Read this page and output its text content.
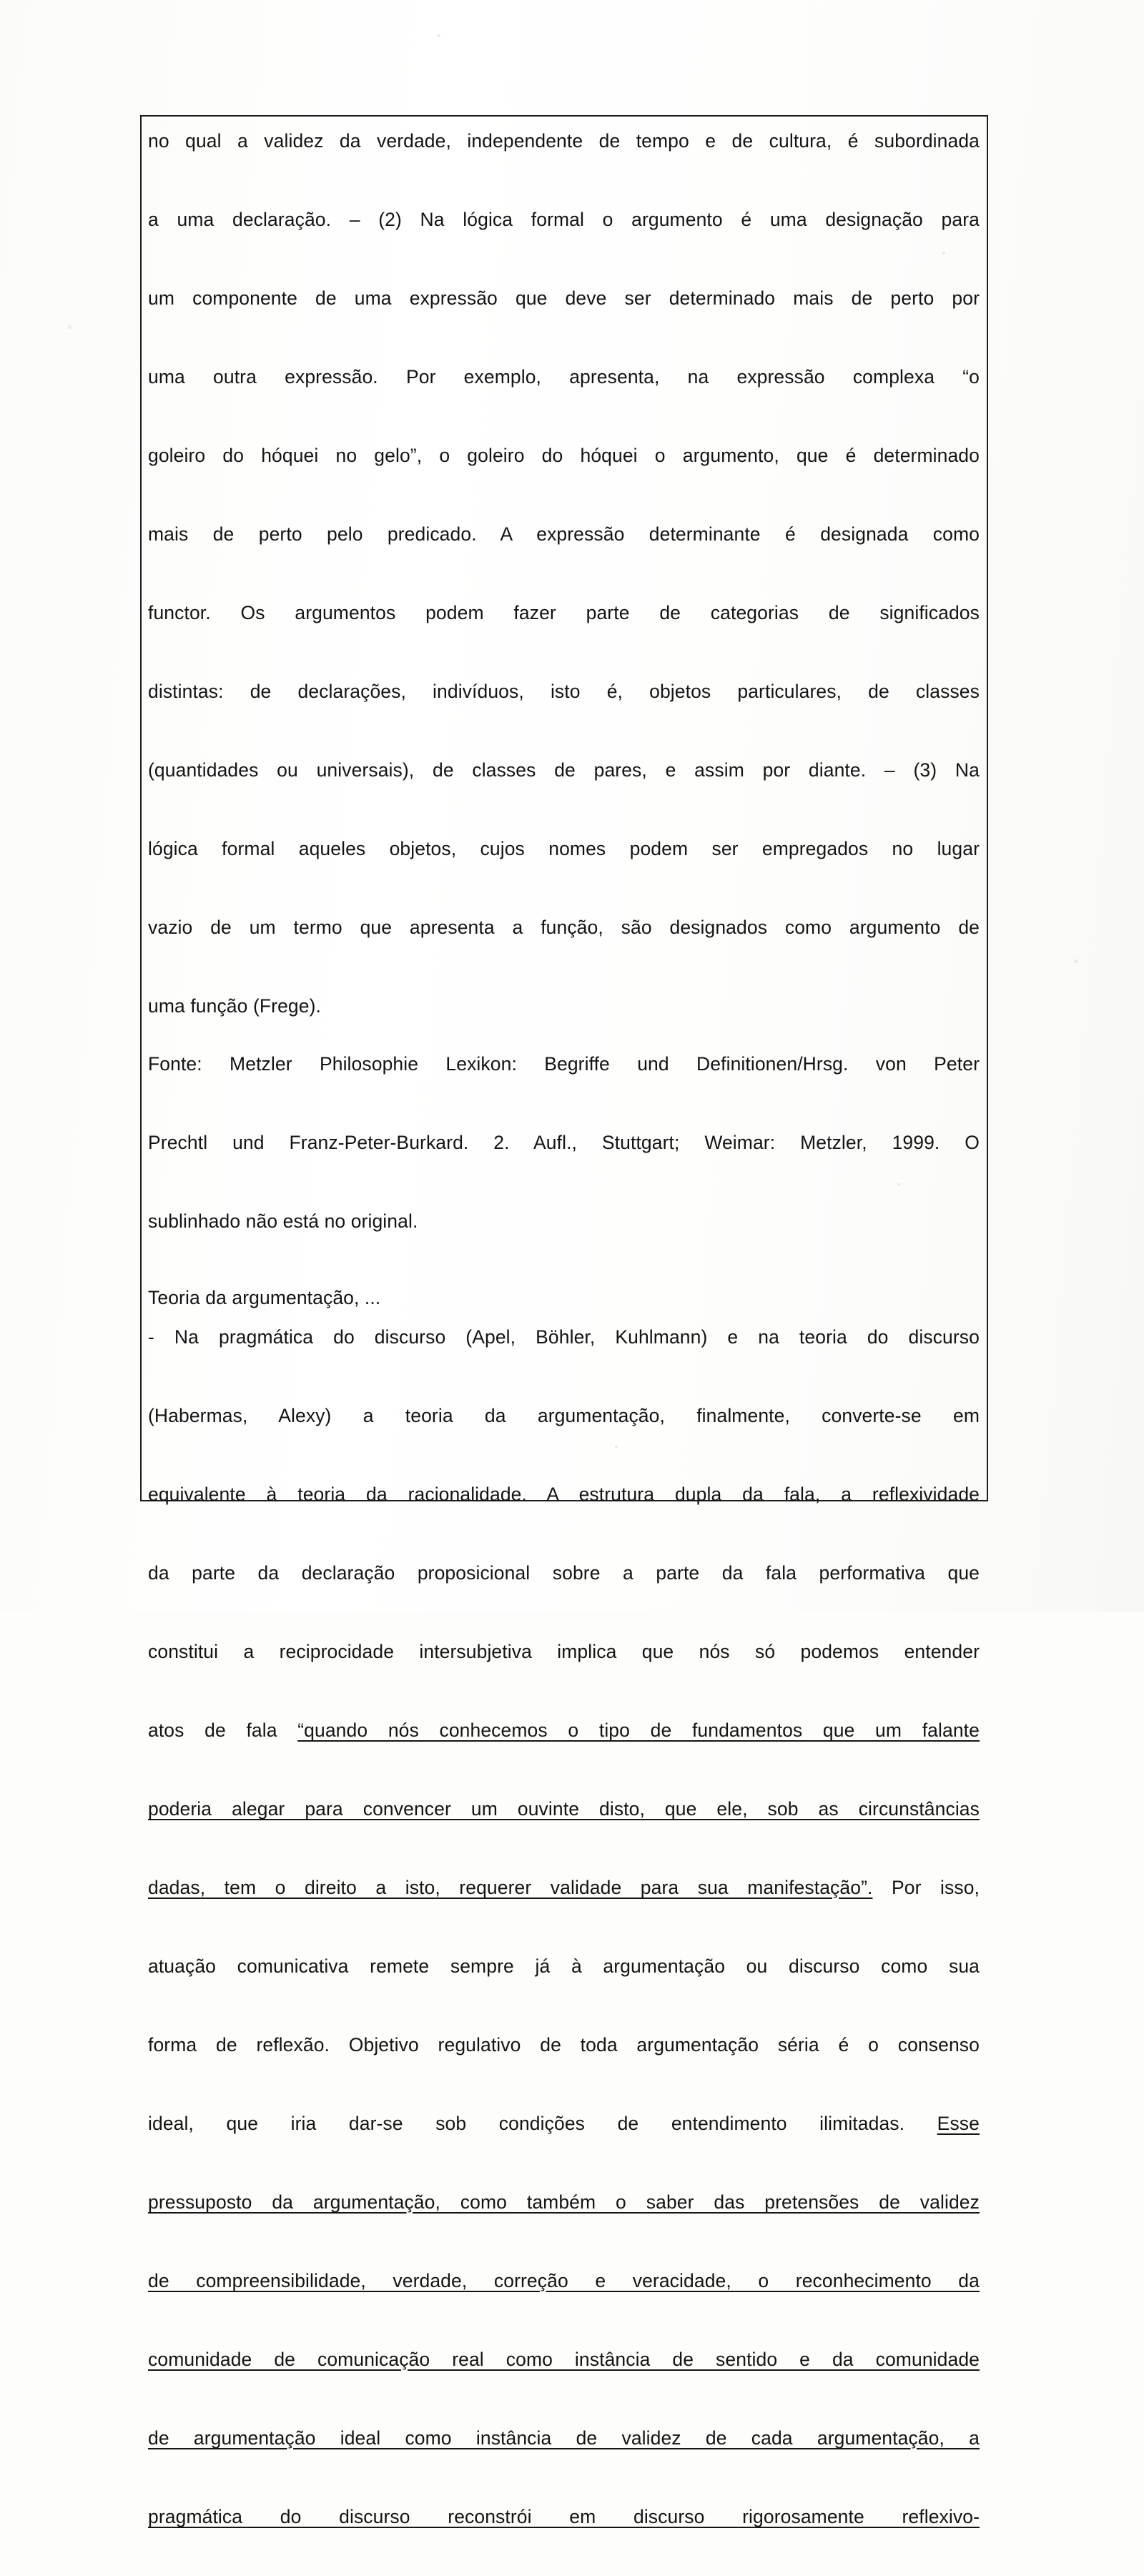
no qual a validez da verdade, independente de tempo e de cultura, é subordinada

a uma declaração. – (2) Na lógica formal o argumento é uma designação para

um componente de uma expressão que deve ser determinado mais de perto por

uma outra expressão. Por exemplo, apresenta, na expressão complexa “o

goleiro do hóquei no gelo”, o goleiro do hóquei o argumento, que é determinado

mais de perto pelo predicado. A expressão determinante é designada como

functor. Os argumentos podem fazer parte de categorias de significados

distintas: de declarações, indivíduos, isto é, objetos particulares, de classes

(quantidades ou universais), de classes de pares, e assim por diante. – (3) Na

lógica formal aqueles objetos, cujos nomes podem ser empregados no lugar

vazio de um termo que apresenta a função, são designados como argumento de

uma função (Frege).

Fonte: Metzler Philosophie Lexikon: Begriffe und Definitionen/Hrsg. von Peter

Prechtl und Franz-Peter-Burkard. 2. Aufl., Stuttgart; Weimar: Metzler, 1999. O

sublinhado não está no original.

Teoria da argumentação, ...

- Na pragmática do discurso (Apel, Böhler, Kuhlmann) e na teoria do discurso

(Habermas, Alexy) a teoria da argumentação, finalmente, converte-se em

equivalente à teoria da racionalidade. A estrutura dupla da fala, a reflexividade

da parte da declaração proposicional sobre a parte da fala performativa que

constitui a reciprocidade intersubjetiva implica que nós só podemos entender

atos de fala “quando nós conhecemos o tipo de fundamentos que um falante

poderia alegar para convencer um ouvinte disto, que ele, sob as circunstâncias

dadas, tem o direito a isto, requerer validade para sua manifestação”. Por isso,

atuação comunicativa remete sempre já à argumentação ou discurso como sua

forma de reflexão. Objetivo regulativo de toda argumentação séria é o consenso

ideal, que iria dar-se sob condições de entendimento ilimitadas. Esse

pressuposto da argumentação, como também o saber das pretensões de validez

de compreensibilidade, verdade, correção e veracidade, o reconhecimento da

comunidade de comunicação real como instância de sentido e da comunidade

de argumentação ideal como instância de validez de cada argumentação, a

pragmática do discurso reconstrói em discurso rigorosamente reflexivo-
